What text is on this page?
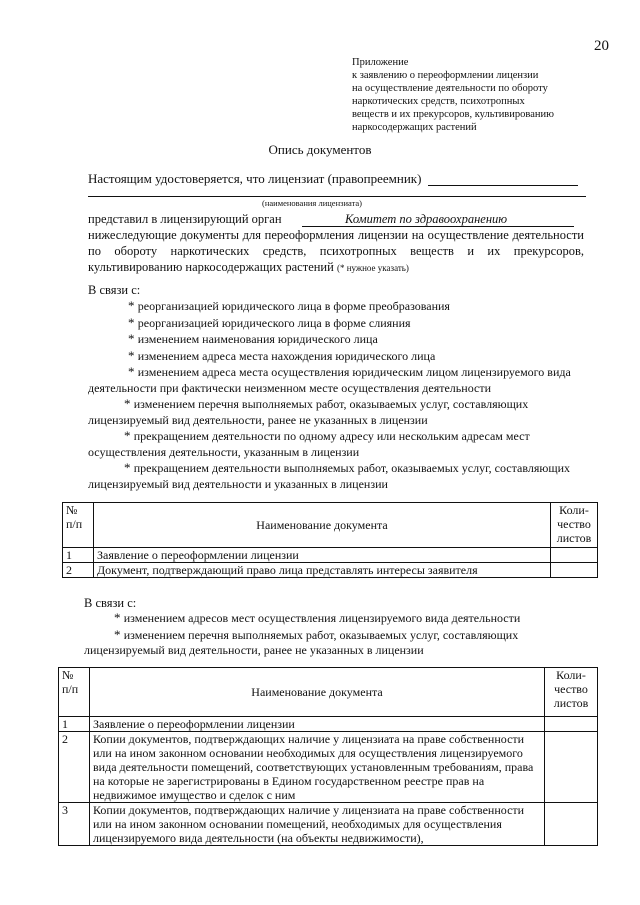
20
Приложение
к заявлению о переоформлении лицензии
на осуществление деятельности по обороту
наркотических средств, психотропных
веществ и их прекурсоров, культивированию
наркосодержащих растений
Опись документов
Настоящим удостоверяется, что лицензиат (правопреемник)
(наименования лицензиата)
представил в лицензирующий орган	Комитет по здравоохранению
нижеследующие документы для переоформления лицензии на осуществление деятельности по обороту наркотических средств, психотропных веществ и их прекурсоров, культивированию наркосодержащих растений (* нужное указать)
В связи с:
* реорганизацией юридического лица в форме преобразования
* реорганизацией юридического лица в форме слияния
* изменением наименования юридического лица
* изменением адреса места нахождения юридического лица
* изменением адреса места осуществления юридическим лицом лицензируемого вида деятельности при фактически неизменном месте осуществления деятельности
* изменением перечня выполняемых работ, оказываемых услуг, составляющих лицензируемый вид деятельности, ранее не указанных в лицензии
* прекращением деятельности по одному адресу или нескольким адресам мест осуществления деятельности, указанным в лицензии
* прекращением деятельности выполняемых работ, оказываемых услуг, составляющих лицензируемый вид деятельности и указанных в лицензии
№ п/п	Наименование документа	Коли-чество листов
1	Заявление о переоформлении лицензии	
2	Документ, подтверждающий право лица представлять интересы заявителя	
В связи с:
* изменением адресов мест осуществления лицензируемого вида деятельности
* изменением перечня выполняемых работ, оказываемых услуг, составляющих лицензируемый вид деятельности, ранее не указанных в лицензии
№ п/п	Наименование документа	Коли-чество листов
1	Заявление о переоформлении лицензии	
2	Копии документов, подтверждающих наличие у лицензиата на праве собственности или на ином законном основании необходимых для осуществления лицензируемого вида деятельности помещений, соответствующих установленным требованиям, права на которые не зарегистрированы в Едином государственном реестре прав на недвижимое имущество и сделок с ним	
3	Копии документов, подтверждающих наличие у лицензиата на праве собственности или на ином законном основании помещений, необходимых для осуществления лицензируемого вида деятельности (на объекты недвижимости),	
